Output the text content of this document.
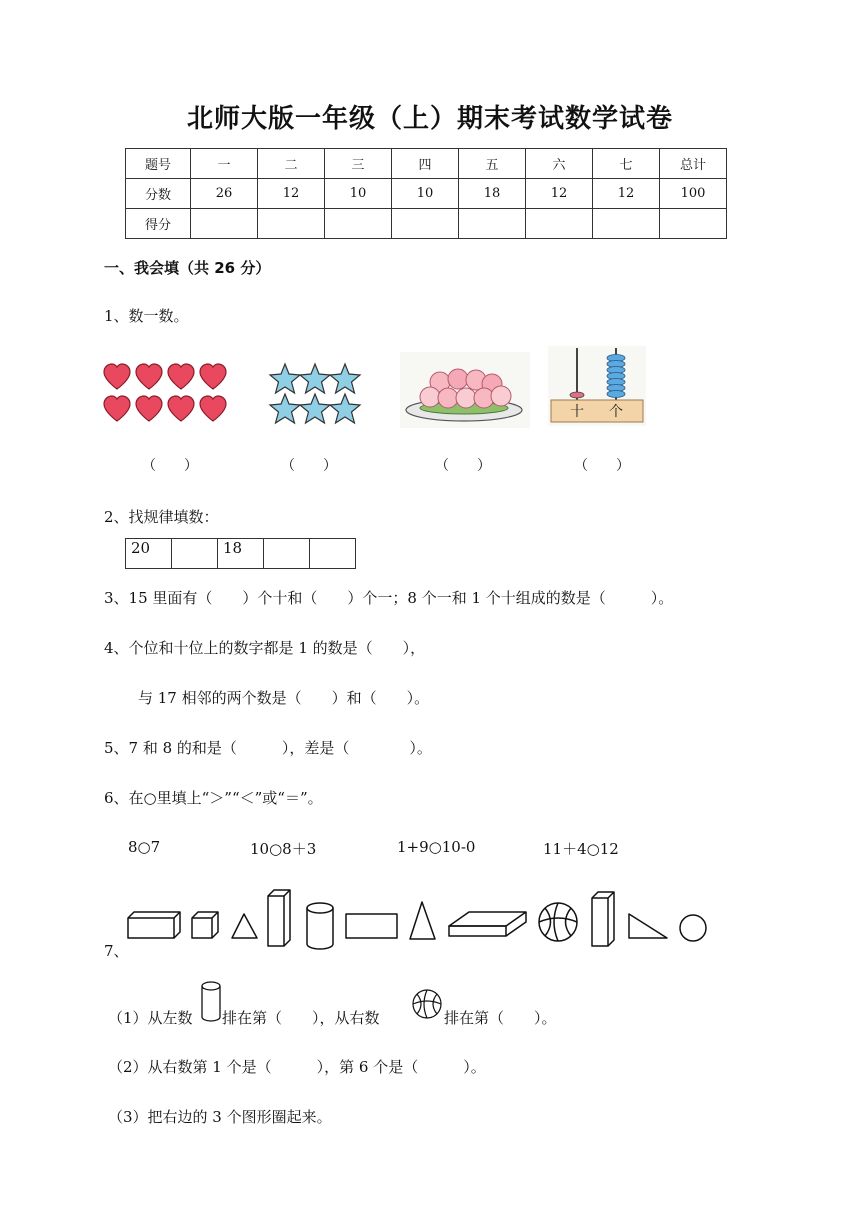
北师大版一年级（上）期末考试数学试卷
题号	一	二	三	四	五	六	七	总计
分数	26	12	10	10	18	12	12	100
得分								
一、我会填（共 26 分）
1、数一数。
十 个
（　　）	（　　）	（　　）	（　　）
2、找规律填数：
20		18		
3、15 里面有（　　）个十和（　　）个一；8 个一和 1 个十组成的数是（　　　）。
4、个位和十位上的数字都是 1 的数是（　　），
与 17 相邻的两个数是（　　）和（　　）。
5、7 和 8 的和是（　　　），差是（　　　　）。
6、在○里填上“＞”“＜”或“＝”。
8○7	10○8＋3	1+9○10-0	11＋4○12
7、
（1）从左数 排在第（　　），从右数	排在第（　　）。
（2）从右数第 1 个是（　　　），第 6 个是（　　　）。
（3）把右边的 3 个图形圈起来。
